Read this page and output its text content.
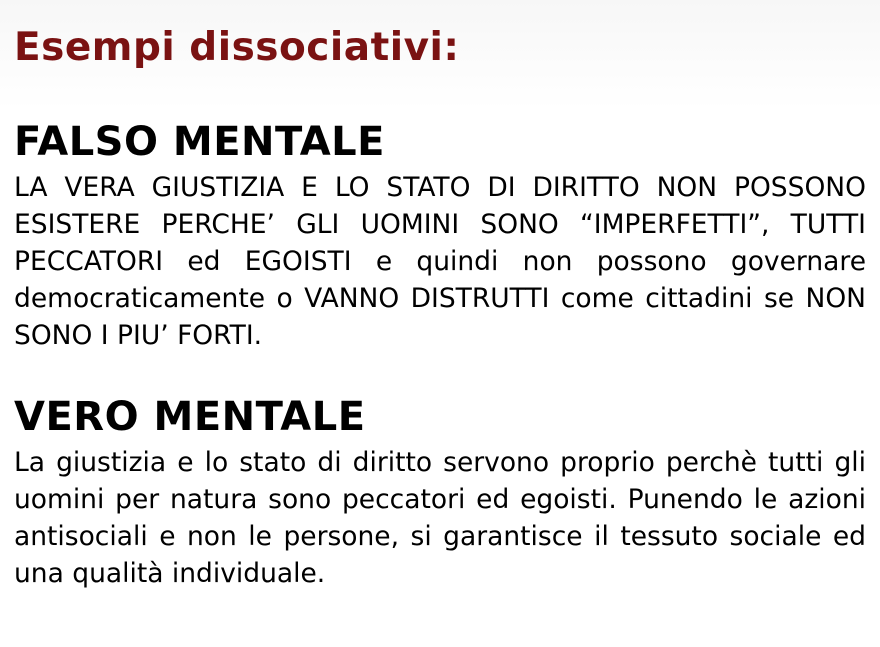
Esempi dissociativi:
FALSO MENTALE

LA VERA GIUSTIZIA E LO STATO DI DIRITTO NON POSSONO ESISTERE PERCHE’ GLI UOMINI SONO “IMPERFETTI”, TUTTI PECCATORI ed EGOISTI e quindi non possono governare democraticamente o VANNO DISTRUTTI come cittadini se NON SONO I PIU’ FORTI.

VERO MENTALE

La giustizia e lo stato di diritto servono proprio perchè tutti gli uomini per natura sono peccatori ed egoisti. Punendo le azioni antisociali e non le persone, si garantisce il tessuto sociale ed una qualità individuale.
